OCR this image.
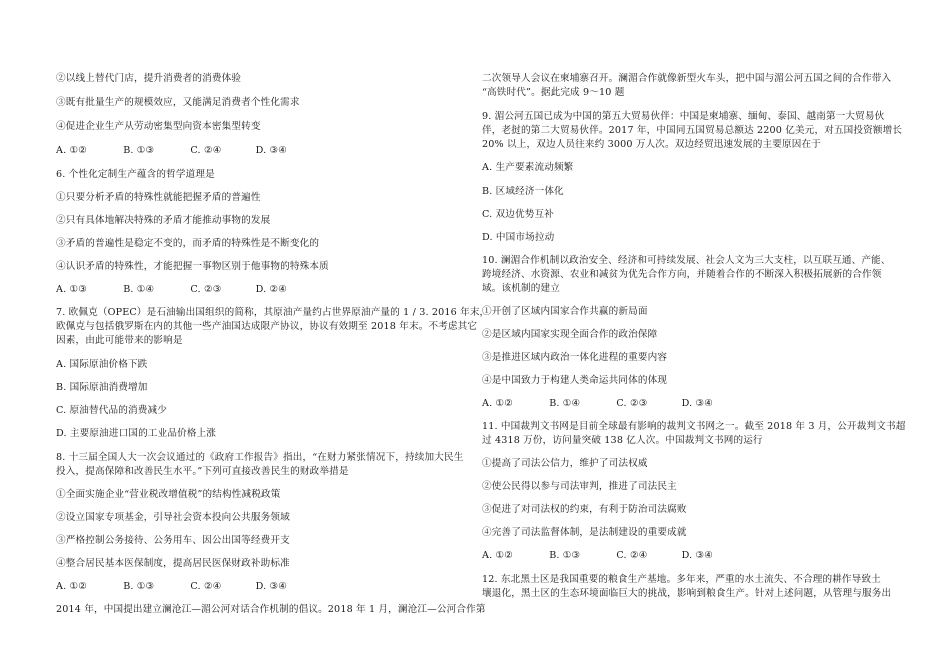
②以线上替代门店，提升消费者的消费体验
③既有批量生产的规模效应，又能满足消费者个性化需求
④促进企业生产从劳动密集型向资本密集型转变
A. ①②	B. ①③	C. ②④	D. ③④
6. 个性化定制生产蕴含的哲学道理是
①只要分析矛盾的特殊性就能把握矛盾的普遍性
②只有具体地解决特殊的矛盾才能推动事物的发展
③矛盾的普遍性是稳定不变的，而矛盾的特殊性是不断变化的
④认识矛盾的特殊性，才能把握一事物区别于他事物的特殊本质
A. ①③	B. ①④	C. ②③	D. ②④
7. 欧佩克（OPEC）是石油输出国组织的简称，其原油产量约占世界原油产量的 1 / 3. 2016 年末，
欧佩克与包括俄罗斯在内的其他一些产油国达成限产协议，协议有效期至 2018 年末。不考虑其它
因素，由此可能带来的影响是
A. 国际原油价格下跌
B. 国际原油消费增加
C. 原油替代品的消费减少
D. 主要原油进口国的工业品价格上涨
8. 十三届全国人大一次会议通过的《政府工作报告》指出，“在财力紧张情况下，持续加大民生
投入，提高保障和改善民生水平。”下列可直接改善民生的财政举措是
①全面实施企业“营业税改增值税”的结构性减税政策
②设立国家专项基金，引导社会资本投向公共服务领域
③严格控制公务接待、公务用车、因公出国等经费开支
④整合居民基本医保制度，提高居民医保财政补助标准
A. ①②	B. ①③	C. ②④	D. ③④
2014 年，中国提出建立澜沧江—湄公河对话合作机制的倡议。2018 年 1 月，澜沧江—公河合作第
二次领导人会议在柬埔寨召开。澜湄合作就像新型火车头，把中国与湄公河五国之间的合作带入
“高铁时代”。据此完成 9～10 题
9. 湄公河五国已成为中国的第五大贸易伙伴：中国是柬埔寨、缅甸、泰国、越南第一大贸易伙
伴，老挝的第二大贸易伙伴。2017 年，中国同五国贸易总额达 2200 亿美元，对五国投资额增长
20% 以上，双边人员往来约 3000 万人次。双边经贸迅速发展的主要原因在于
A. 生产要素流动频繁
B. 区域经济一体化
C. 双边优势互补
D. 中国市场拉动
10. 澜湄合作机制以政治安全、经济和可持续发展、社会人文为三大支柱，以互联互通、产能、
跨境经济、水资源、农业和减贫为优先合作方向，并随着合作的不断深入积极拓展新的合作领
域。该机制的建立
①开创了区域内国家合作共赢的新局面
②是区域内国家实现全面合作的政治保障
③是推进区域内政治一体化进程的重要内容
④是中国致力于构建人类命运共同体的体现
A. ①②	B. ①④	C. ②③	D. ③④
11. 中国裁判文书网是目前全球最有影响的裁判文书网之一。截至 2018 年 3 月，公开裁判文书超
过 4318 万份，访问量突破 138 亿人次。中国裁判文书网的运行
①提高了司法公信力，维护了司法权威
②使公民得以参与司法审判，推进了司法民主
③促进了对司法权的约束，有利于防治司法腐败
④完善了司法监督体制，是法制建设的重要成就
A. ①②	B. ①③	C. ②④	D. ③④
12. 东北黑土区是我国重要的粮食生产基地。多年来，严重的水土流失、不合理的耕作导致土
壤退化，黑土区的生态环境面临巨大的挑战，影响到粮食生产。针对上述问题，从管理与服务出
